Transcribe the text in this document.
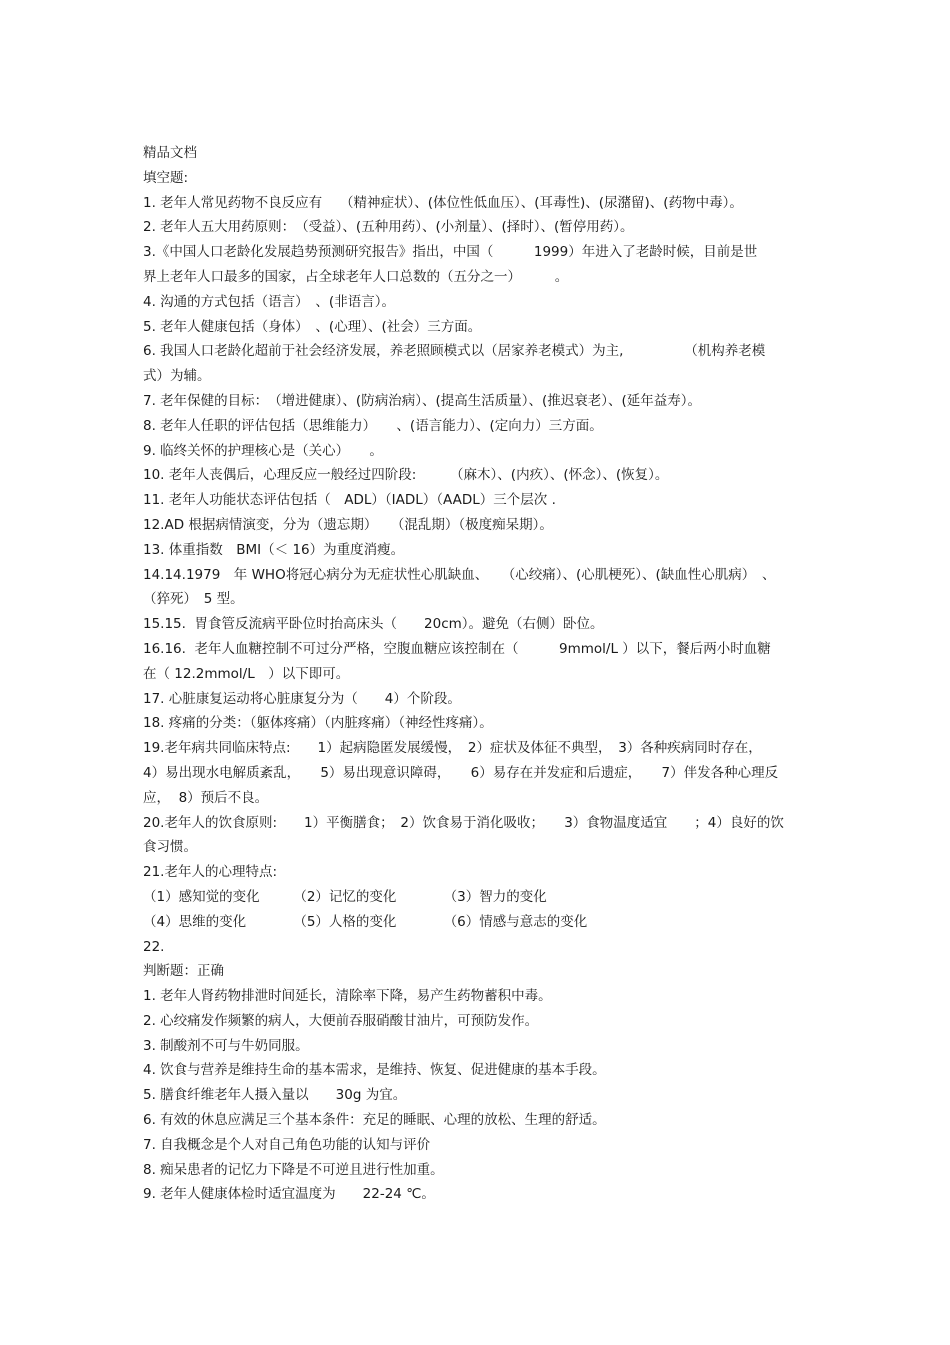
精品文档

填空题:

1. 老年人常见药物不良反应有　 （精神症状）、(体位性低血压）、(耳毒性)、(尿潴留)、(药物中毒）。

2. 老年人五大用药原则：　（受益）、(五种用药）、(小剂量）、(择时）、(暂停用药）。

3.《中国人口老龄化发展趋势预测研究报告》指出，中国（　　　1999）年进入了老龄时候，目前是世

界上老年人口最多的国家，占全球老年人口总数的（五分之一）　　　。

4. 沟通的方式包括（语言）　、(非语言）。

5. 老年人健康包括（身体）　、(心理）、(社会）三方面。

6. 我国人口老龄化超前于社会经济发展，养老照顾模式以（居家养老模式）为主,　　　　　（机构养老模

式）为辅。

7. 老年保健的目标：　（增进健康）、(防病治病）、(提高生活质量）、(推迟衰老）、(延年益寿）。

8. 老年人任职的评估包括（思维能力）　　、(语言能力）、(定向力）三方面。

9. 临终关怀的护理核心是（关心）　　。

10. 老年人丧偶后，心理反应一般经过四阶段:　　　（麻木）、(内疚）、(怀念）、(恢复）。

11. 老年人功能状态评估包括（　ADL）（IADL）（AADL）三个层次 .

12.AD 根据病情演变，分为（遗忘期）　　（混乱期）（极度痴呆期）。

13. 体重指数　BMI（＜ 16）为重度消瘦。

14.14.1979　年 WHO将冠心病分为无症状性心肌缺血、　　（心绞痛）、(心肌梗死）、(缺血性心肌病）　、

（猝死）　5 型。

15.15.  胃食管反流病平卧位时抬高床头（　　20cm）。避免（右侧）卧位。

16.16.  老年人血糖控制不可过分严格，空腹血糖应该控制在（　　　9mmol/L ）以下，餐后两小时血糖

在（ 12.2mmol/L　）以下即可。

17. 心脏康复运动将心脏康复分为（　　4）个阶段。

18. 疼痛的分类：（躯体疼痛）（内脏疼痛）（神经性疼痛）。

19.老年病共同临床特点:　　1）起病隐匿发展缓慢，　2）症状及体征不典型，　3）各种疾病同时存在，

4）易出现水电解质紊乱，　　5）易出现意识障碍，　　6）易存在并发症和后遗症，　　7）伴发各种心理反

应，  8）预后不良。

20.老年人的饮食原则:　　1）平衡膳食；　2）饮食易于消化吸收；　　3）食物温度适宜　　；4）良好的饮

食习惯。

21.老年人的心理特点:

（1）感知觉的变化　　　（2）记忆的变化　　　　（3）智力的变化

（4）思维的变化　　　　（5）人格的变化　　　　（6）情感与意志的变化

22.

判断题：正确

1. 老年人肾药物排泄时间延长，清除率下降，易产生药物蓄积中毒。

2. 心绞痛发作频繁的病人，大便前吞服硝酸甘油片，可预防发作。

3. 制酸剂不可与牛奶同服。

4. 饮食与营养是维持生命的基本需求，是维持、恢复、促进健康的基本手段。

5. 膳食纤维老年人摄入量以　　30g 为宜。

6. 有效的休息应满足三个基本条件：充足的睡眠、心理的放松、生理的舒适。

7. 自我概念是个人对自己角色功能的认知与评价

8. 痴呆患者的记忆力下降是不可逆且进行性加重。

9. 老年人健康体检时适宜温度为　　22-24 ℃。
